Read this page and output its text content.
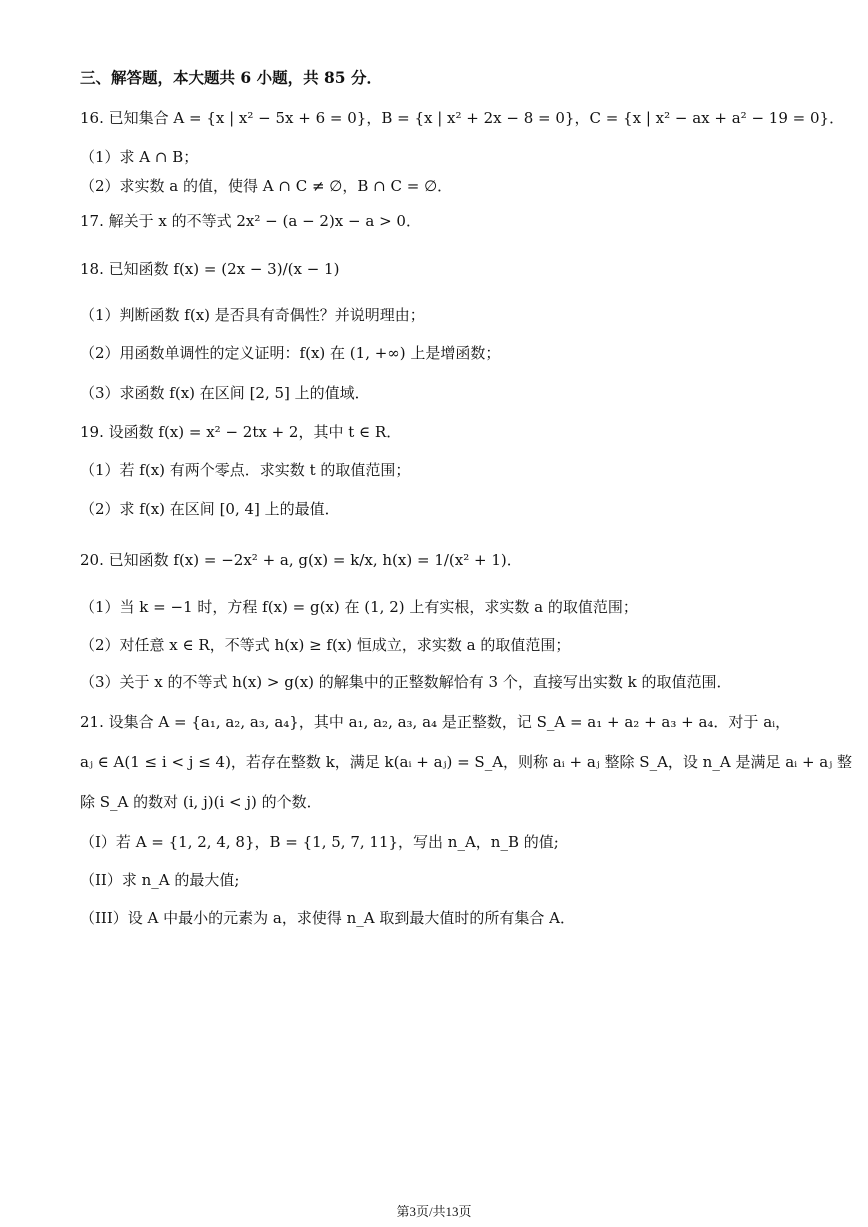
三、解答题，本大题共 6 小题，共 85 分．
16. 已知集合 A = {x | x² − 5x + 6 = 0}，B = {x | x² + 2x − 8 = 0}，C = {x | x² − ax + a² − 19 = 0}．
（1）求 A ∩ B；
（2）求实数 a 的值，使得 A ∩ C ≠ ∅，B ∩ C = ∅．
17. 解关于 x 的不等式 2x² − (a − 2)x − a > 0．
18. 已知函数 f(x) = (2x − 3)/(x − 1)
（1）判断函数 f(x) 是否具有奇偶性？并说明理由；
（2）用函数单调性的定义证明：f(x) 在 (1, +∞) 上是增函数；
（3）求函数 f(x) 在区间 [2, 5] 上的值域．
19. 设函数 f(x) = x² − 2tx + 2，其中 t ∈ R．
（1）若 f(x) 有两个零点．求实数 t 的取值范围；
（2）求 f(x) 在区间 [0, 4] 上的最值．
20. 已知函数 f(x) = −2x² + a, g(x) = k/x, h(x) = 1/(x² + 1)．
（1）当 k = −1 时，方程 f(x) = g(x) 在 (1, 2) 上有实根，求实数 a 的取值范围；
（2）对任意 x ∈ R，不等式 h(x) ≥ f(x) 恒成立，求实数 a 的取值范围；
（3）关于 x 的不等式 h(x) > g(x) 的解集中的正整数解恰有 3 个，直接写出实数 k 的取值范围．
21. 设集合 A = {a₁, a₂, a₃, a₄}，其中 a₁, a₂, a₃, a₄ 是正整数，记 S_A = a₁ + a₂ + a₃ + a₄．对于 aᵢ，
aⱼ ∈ A(1 ≤ i < j ≤ 4)，若存在整数 k，满足 k(aᵢ + aⱼ) = S_A，则称 aᵢ + aⱼ 整除 S_A，设 n_A 是满足 aᵢ + aⱼ 整
除 S_A 的数对 (i, j)(i < j) 的个数．
（I）若 A = {1, 2, 4, 8}，B = {1, 5, 7, 11}，写出 n_A，n_B 的值;
（II）求 n_A 的最大值;
（III）设 A 中最小的元素为 a，求使得 n_A 取到最大值时的所有集合 A．
第3页/共13页
